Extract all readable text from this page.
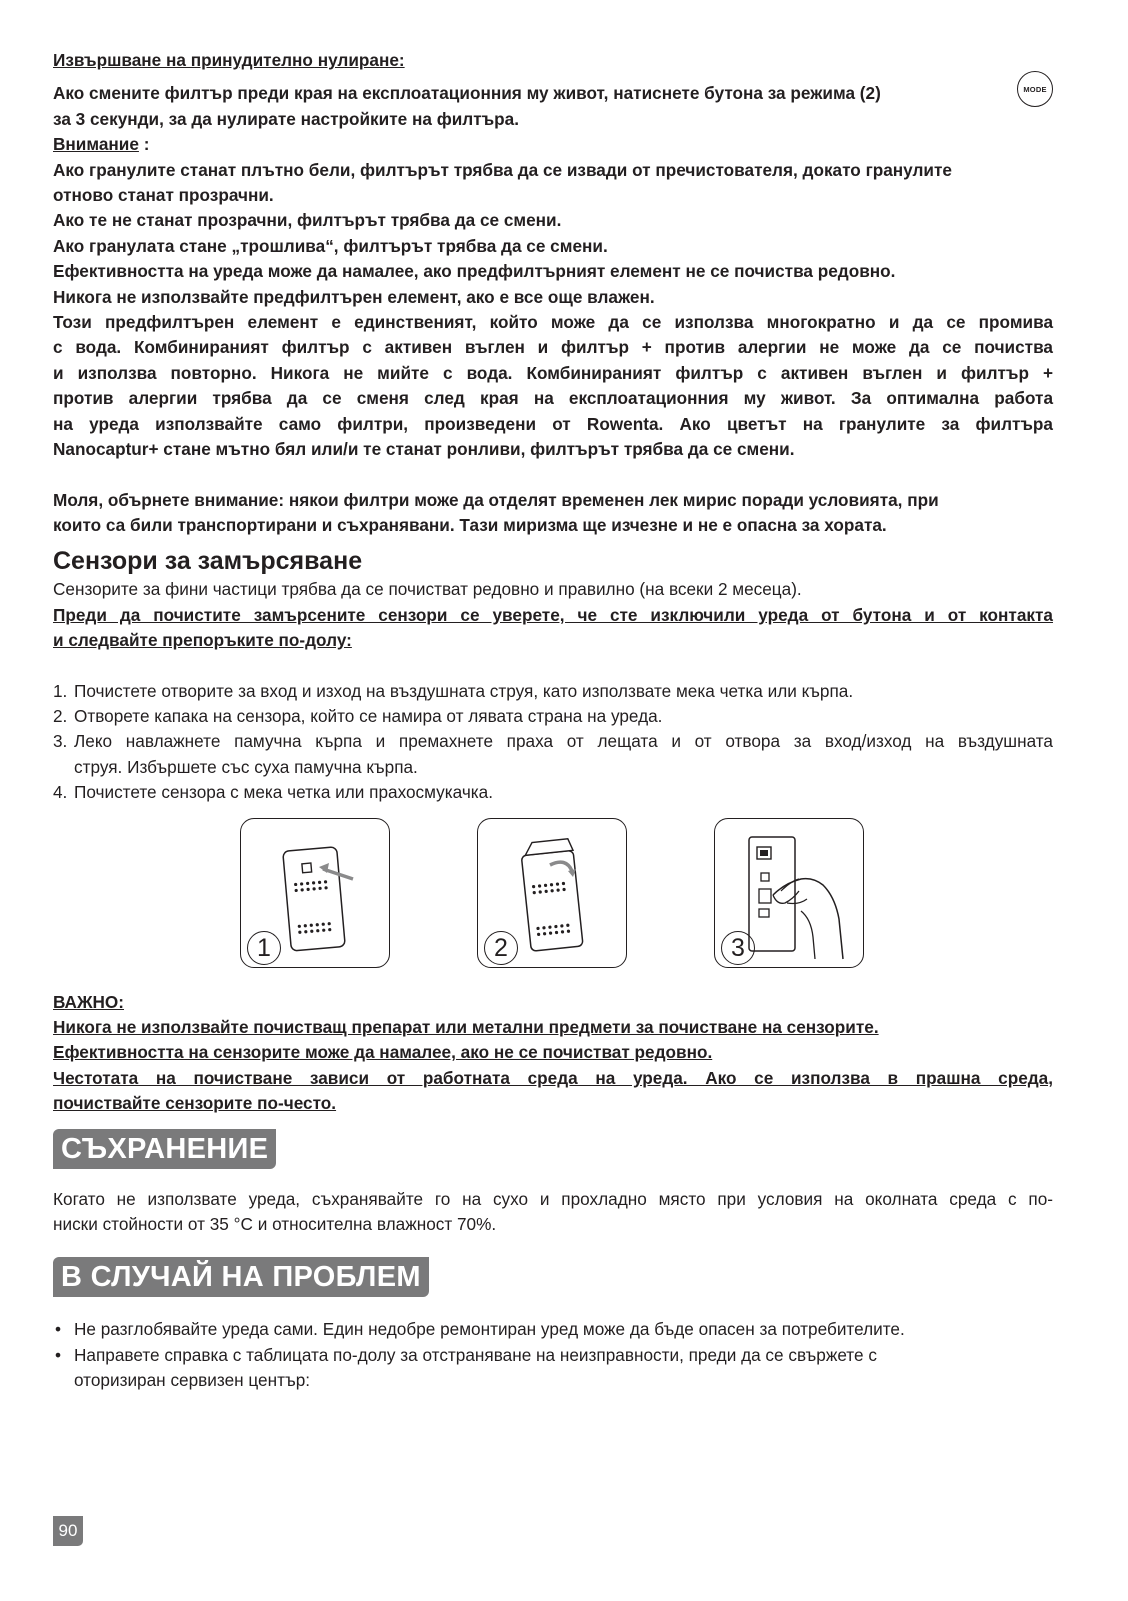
Извършване на принудително нулиране:
Ако смените филтър преди края на експлоатационния му живот, натиснете бутона за режима (2)	MODE
за 3 секунди, за да нулирате настройките на филтъра.
Внимание :
Ако гранулите станат плътно бели, филтърът трябва да се извади от пречистователя, докато гранулите
отново станат прозрачни.
Ако те не станат прозрачни, филтърът трябва да се смени.
Ако гранулата стане „трошлива“, филтърът трябва да се смени.
Ефективността на уреда може да намалее, ако предфилтърният елемент не се почиства редовно.
Никога не използвайте предфилтърен елемент, ако е все още влажен.
Този предфилтърен елемент е единственият, който може да се използва многократно и да се промива
с вода. Комбинираният филтър с активен въглен и филтър + против алергии не може да се почиства
и използва повторно. Никога не мийте с вода. Комбинираният филтър с активен въглен и филтър +
против алергии трябва да се сменя след края на експлоатационния му живот. За оптимална работа
на уреда използвайте само филтри, произведени от Rowenta. Ако цветът на гранулите за филтъра
Nanocaptur+ стане мътно бял или/и те станат ронливи, филтърът трябва да се смени.
Моля, обърнете внимание: някои филтри може да отделят временен лек мирис поради условията, при
които са били транспортирани и съхранявани. Тази миризма ще изчезне и не е опасна за хората.
Сензори за замърсяване
Сензорите за фини частици трябва да се почистват редовно и правилно (на всеки 2 месеца).
Преди да почистите замърсените сензори се уверете, че сте изключили уреда от бутона и от контакта
и следвайте препоръките по-долу:
1. Почистете отворите за вход и изход на въздушната струя, като използвате мека четка или кърпа.
2. Отворете капака на сензора, който се намира от лявата страна на уреда.
3. Леко навлажнете памучна кърпа и премахнете праха от лещата и от отвора за вход/изход на въздушната
струя. Избършете със суха памучна кърпа.
4. Почистете сензора с мека четка или прахосмукачка.
1	2	3
ВАЖНО:
Никога не използвайте почистващ препарат или метални предмети за почистване на сензорите.
Ефективността на сензорите може да намалее, ако не се почистват редовно.
Честотата на почистване зависи от работната среда на уреда. Ако се използва в прашна среда,
почиствайте сензорите по-често.
СЪХРАНЕНИЕ
Когато не използвате уреда, съхранявайте го на сухо и прохладно място при условия на околната среда с по-
ниски стойности от 35 °C и относителна влажност 70%.
В СЛУЧАЙ НА ПРОБЛЕМ
• Не разглобявайте уреда сами. Един недобре ремонтиран уред може да бъде опасен за потребителите.
• Направете справка с таблицата по-долу за отстраняване на неизправности, преди да се свържете с
оторизиран сервизен център:
90
